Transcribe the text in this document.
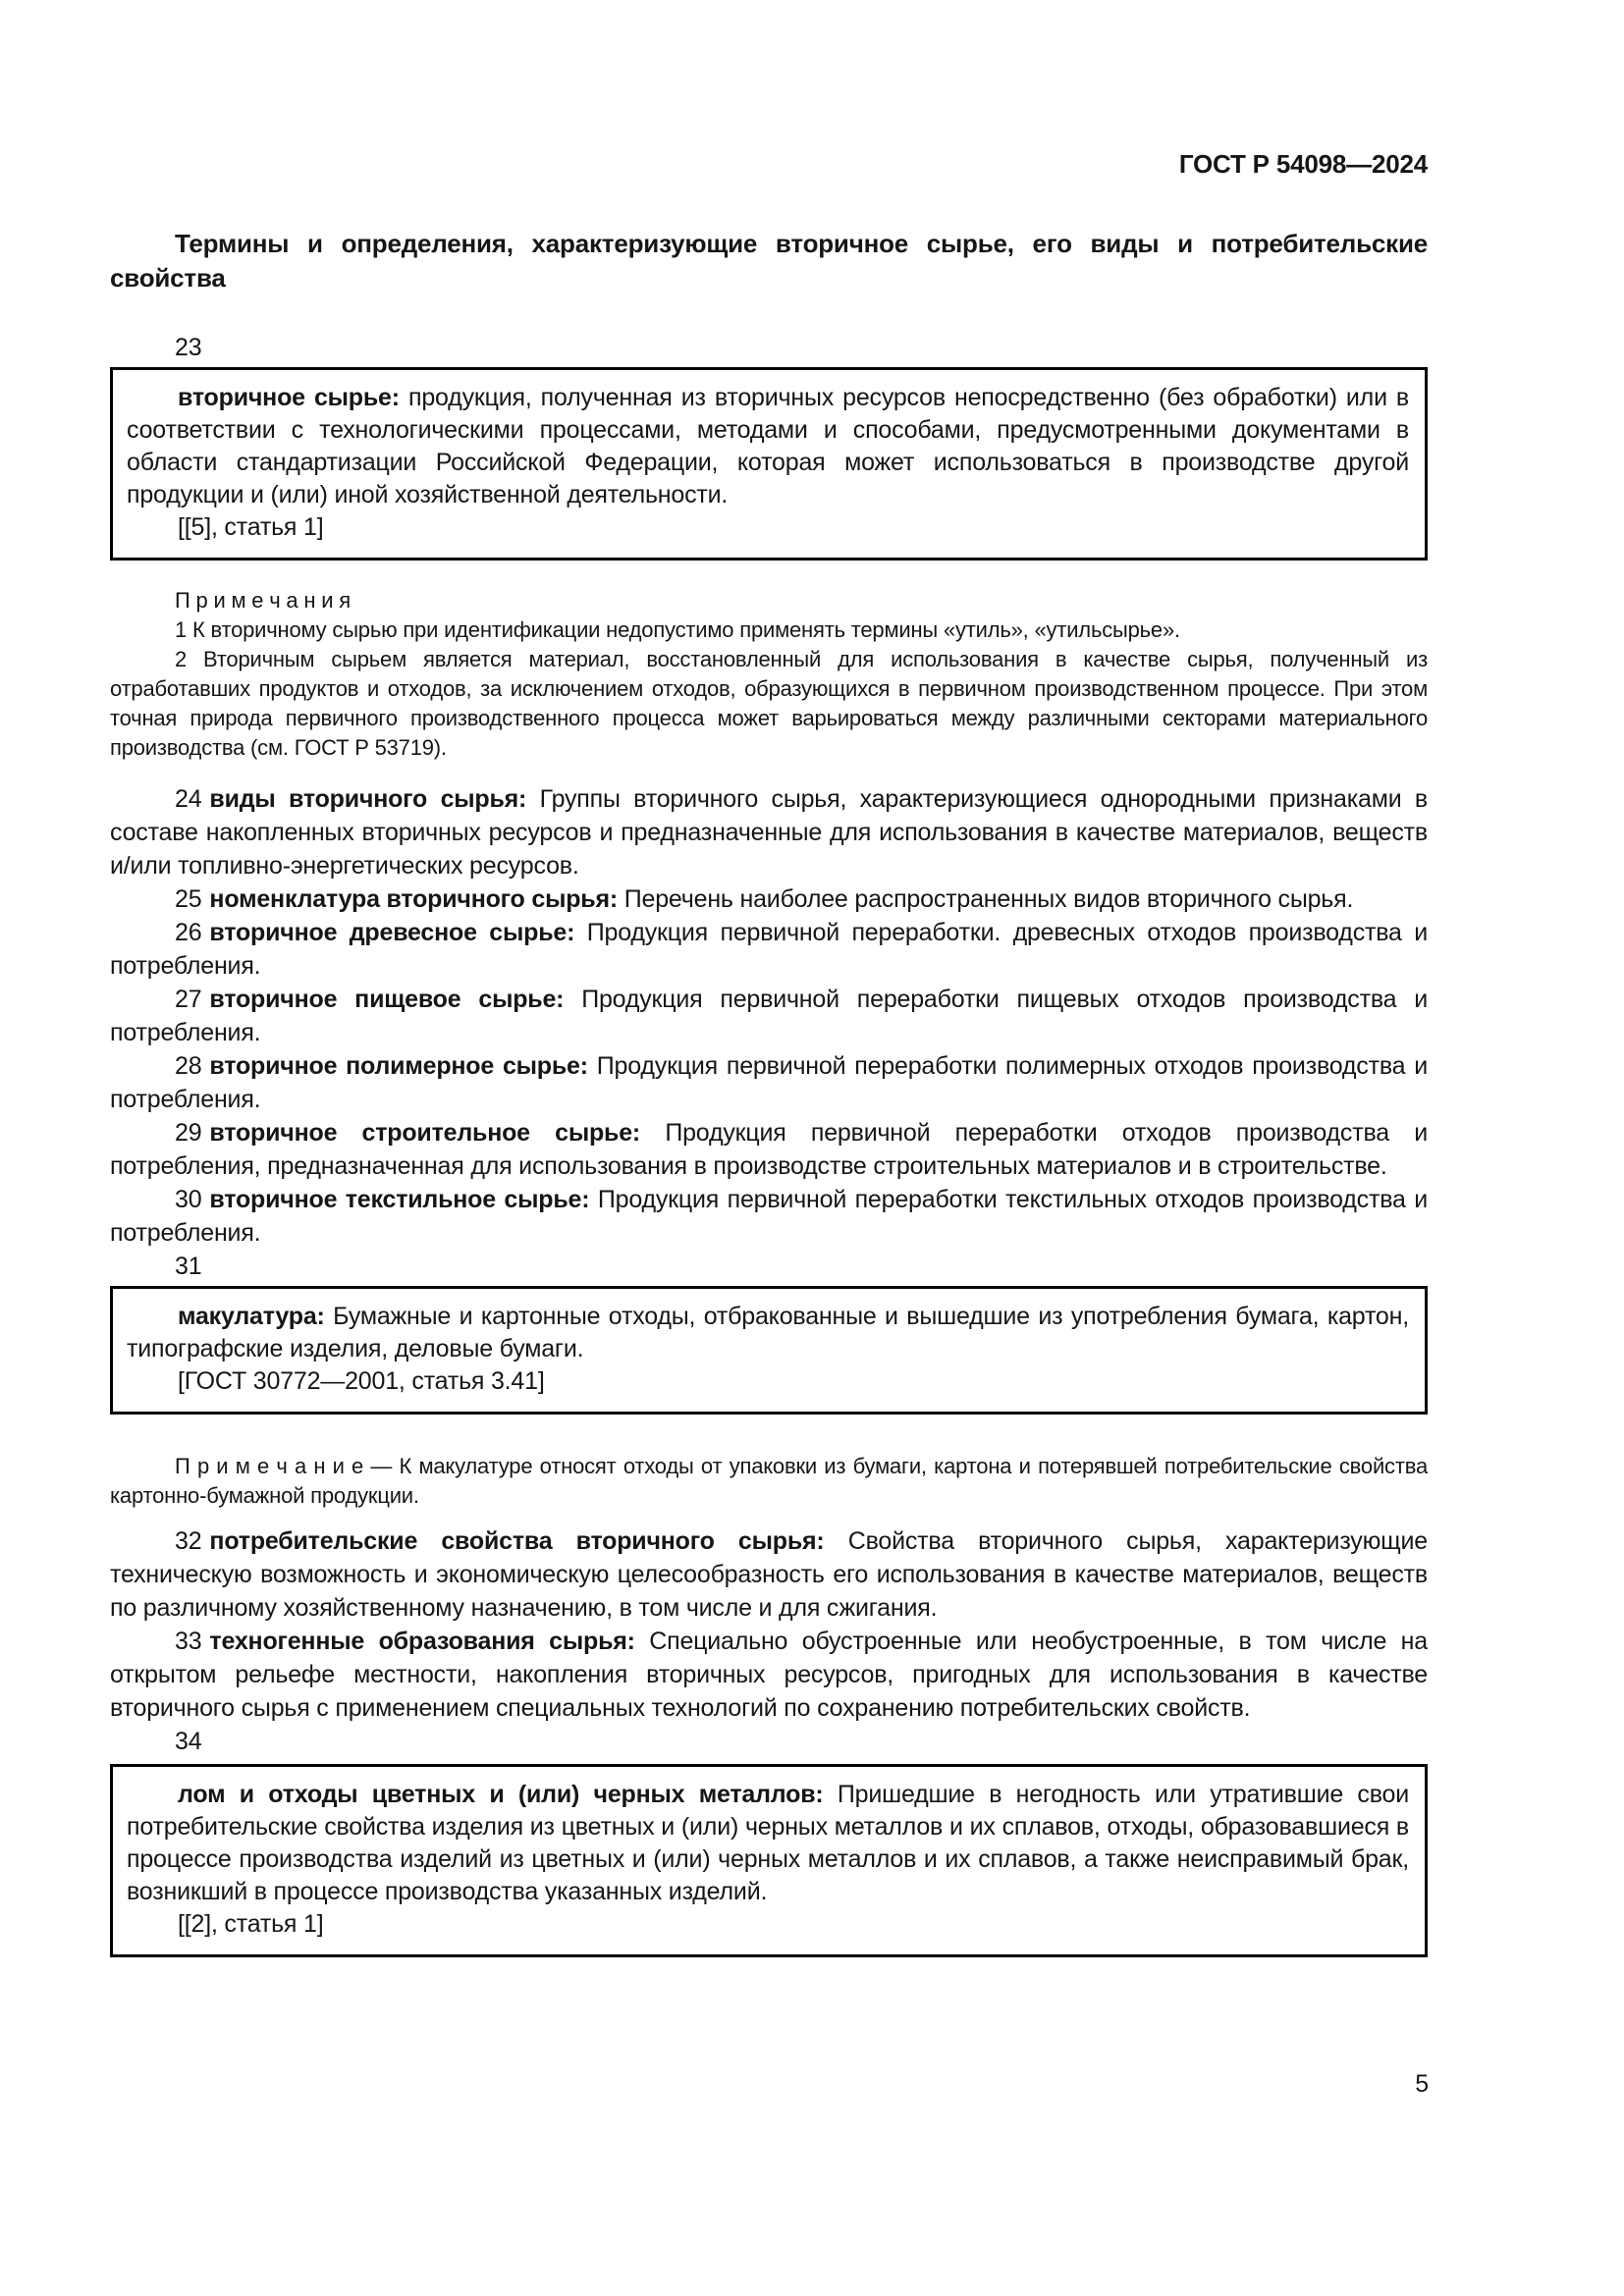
ГОСТ Р 54098—2024

Термины и определения, характеризующие вторичное сырье, его виды и потребительские свойства

23

вторичное сырье: продукция, полученная из вторичных ресурсов непосредственно (без обработки) или в соответствии с технологическими процессами, методами и способами, предусмотренными документами в области стандартизации Российской Федерации, которая может использоваться в производстве другой продукции и (или) иной хозяйственной деятельности.

[[5], статья 1]

П р и м е ч а н и я

1 К вторичному сырью при идентификации недопустимо применять термины «утиль», «утильсырье».

2 Вторичным сырьем является материал, восстановленный для использования в качестве сырья, полученный из отработавших продуктов и отходов, за исключением отходов, образующихся в первичном производственном процессе. При этом точная природа первичного производственного процесса может варьироваться между различными секторами материального производства (см. ГОСТ Р 53719).

24 виды вторичного сырья: Группы вторичного сырья, характеризующиеся однородными признаками в составе накопленных вторичных ресурсов и предназначенные для использования в качестве материалов, веществ и/или топливно-энергетических ресурсов.

25 номенклатура вторичного сырья: Перечень наиболее распространенных видов вторичного сырья.

26 вторичное древесное сырье: Продукция первичной переработки. древесных отходов производства и потребления.

27 вторичное пищевое сырье: Продукция первичной переработки пищевых отходов производства и потребления.

28 вторичное полимерное сырье: Продукция первичной переработки полимерных отходов производства и потребления.

29 вторичное строительное сырье: Продукция первичной переработки отходов производства и потребления, предназначенная для использования в производстве строительных материалов и в строительстве.

30 вторичное текстильное сырье: Продукция первичной переработки текстильных отходов производства и потребления.

31

макулатура: Бумажные и картонные отходы, отбракованные и вышедшие из употребления бумага, картон, типографские изделия, деловые бумаги.

[ГОСТ 30772—2001, статья 3.41]

П р и м е ч а н и е — К макулатуре относят отходы от упаковки из бумаги, картона и потерявшей потребительские свойства картонно-бумажной продукции.

32 потребительские свойства вторичного сырья: Свойства вторичного сырья, характеризующие техническую возможность и экономическую целесообразность его использования в качестве материалов, веществ по различному хозяйственному назначению, в том числе и для сжигания.

33 техногенные образования сырья: Специально обустроенные или необустроенные, в том числе на открытом рельефе местности, накопления вторичных ресурсов, пригодных для использования в качестве вторичного сырья с применением специальных технологий по сохранению потребительских свойств.

34

лом и отходы цветных и (или) черных металлов: Пришедшие в негодность или утратившие свои потребительские свойства изделия из цветных и (или) черных металлов и их сплавов, отходы, образовавшиеся в процессе производства изделий из цветных и (или) черных металлов и их сплавов, а также неисправимый брак, возникший в процессе производства указанных изделий.

[[2], статья 1]

5
